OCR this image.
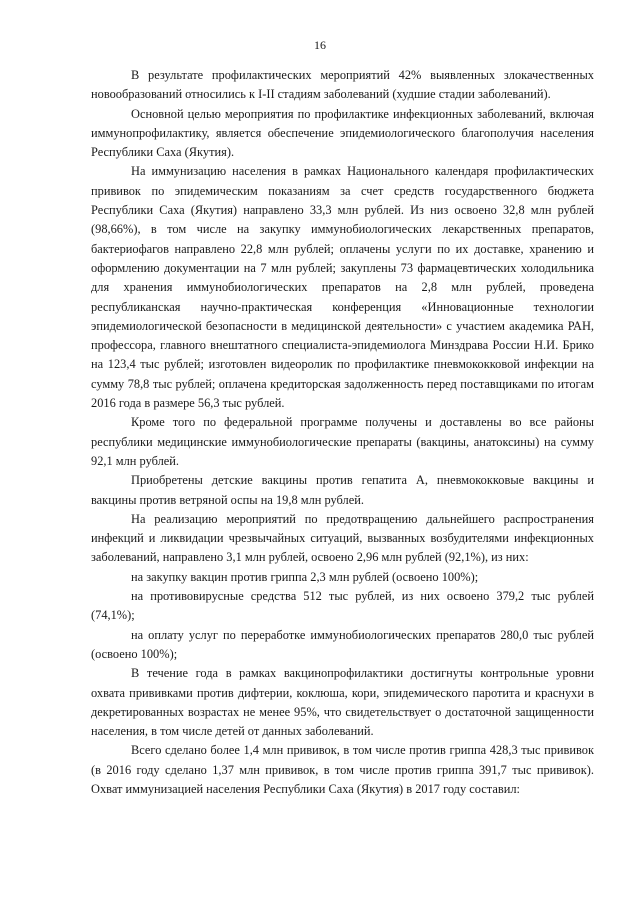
16

В результате профилактических мероприятий 42% выявленных злокачественных новообразований относились к I-II стадиям заболеваний (худшие стадии заболеваний).

Основной целью мероприятия по профилактике инфекционных заболеваний, включая иммунопрофилактику, является обеспечение эпидемиологического благополучия населения Республики Саха (Якутия).

На иммунизацию населения в рамках Национального календаря профилактических прививок по эпидемическим показаниям за счет средств государственного бюджета Республики Саха (Якутия) направлено 33,3 млн рублей. Из низ освоено 32,8 млн рублей (98,66%), в том числе на закупку иммунобиологических лекарственных препаратов, бактериофагов направлено 22,8 млн рублей; оплачены услуги по их доставке, хранению и оформлению документации на 7 млн рублей; закуплены 73 фармацевтических холодильника для хранения иммунобиологических препаратов на 2,8 млн рублей, проведена республиканская научно-практическая конференция «Инновационные технологии эпидемиологической безопасности в медицинской деятельности» с участием академика РАН, профессора, главного внештатного специалиста-эпидемиолога Минздрава России Н.И. Брико на 123,4 тыс рублей; изготовлен видеоролик по профилактике пневмококковой инфекции на сумму 78,8 тыс рублей; оплачена кредиторская задолженность перед поставщиками по итогам 2016 года в размере 56,3 тыс рублей.

Кроме того по федеральной программе получены и доставлены во все районы республики медицинские иммунобиологические препараты (вакцины, анатоксины) на сумму 92,1 млн рублей.

Приобретены детские вакцины против гепатита А, пневмококковые вакцины и вакцины против ветряной оспы на 19,8 млн рублей.

На реализацию мероприятий по предотвращению дальнейшего распространения инфекций и ликвидации чрезвычайных ситуаций, вызванных возбудителями инфекционных заболеваний, направлено 3,1 млн рублей, освоено 2,96 млн рублей (92,1%), из них:

на закупку вакцин против гриппа 2,3 млн рублей (освоено 100%);

на противовирусные средства 512 тыс рублей, из них освоено 379,2 тыс рублей (74,1%);

на оплату услуг по переработке иммунобиологических препаратов 280,0 тыс рублей (освоено 100%);

В течение года в рамках вакцинопрофилактики достигнуты контрольные уровни охвата прививками против дифтерии, коклюша, кори, эпидемического паротита и краснухи в декретированных возрастах не менее 95%, что свидетельствует о достаточной защищенности населения, в том числе детей от данных заболеваний.

Всего сделано более 1,4 млн прививок, в том числе против гриппа 428,3 тыс прививок (в 2016 году сделано 1,37 млн прививок, в том числе против гриппа 391,7 тыс прививок). Охват иммунизацией населения Республики Саха (Якутия) в 2017 году составил:
